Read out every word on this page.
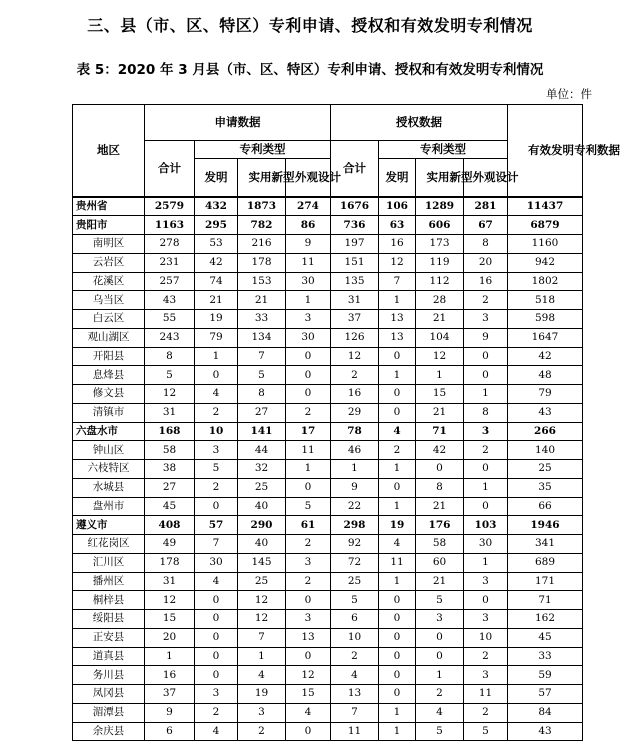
三、县（市、区、特区）专利申请、授权和有效发明专利情况
表 5：2020 年 3 月县（市、区、特区）专利申请、授权和有效发明专利情况
单位：件
地区	申请数据				授权数据				有效发明专利数据

	合计	专利类型			合计	专利类型			
		发明	实用新型	外观设计		发明	实用新型	外观设计	

贵州省	2579	432	1873	274	1676	106	1289	281	11437
贵阳市	1163	295	782	86	736	63	606	67	6879
南明区	278	53	216	9	197	16	173	8	1160
云岩区	231	42	178	11	151	12	119	20	942
花溪区	257	74	153	30	135	7	112	16	1802
乌当区	43	21	21	1	31	1	28	2	518
白云区	55	19	33	3	37	13	21	3	598
观山湖区	243	79	134	30	126	13	104	9	1647
开阳县	8	1	7	0	12	0	12	0	42
息烽县	5	0	5	0	2	1	1	0	48
修文县	12	4	8	0	16	0	15	1	79
清镇市	31	2	27	2	29	0	21	8	43
六盘水市	168	10	141	17	78	4	71	3	266
钟山区	58	3	44	11	46	2	42	2	140
六枝特区	38	5	32	1	1	1	0	0	25
水城县	27	2	25	0	9	0	8	1	35
盘州市	45	0	40	5	22	1	21	0	66
遵义市	408	57	290	61	298	19	176	103	1946
红花岗区	49	7	40	2	92	4	58	30	341
汇川区	178	30	145	3	72	11	60	1	689
播州区	31	4	25	2	25	1	21	3	171
桐梓县	12	0	12	0	5	0	5	0	71
绥阳县	15	0	12	3	6	0	3	3	162
正安县	20	0	7	13	10	0	0	10	45
道真县	1	0	1	0	2	0	0	2	33
务川县	16	0	4	12	4	0	1	3	59
凤冈县	37	3	19	15	13	0	2	11	57
湄潭县	9	2	3	4	7	1	4	2	84
余庆县	6	4	2	0	11	1	5	5	43
